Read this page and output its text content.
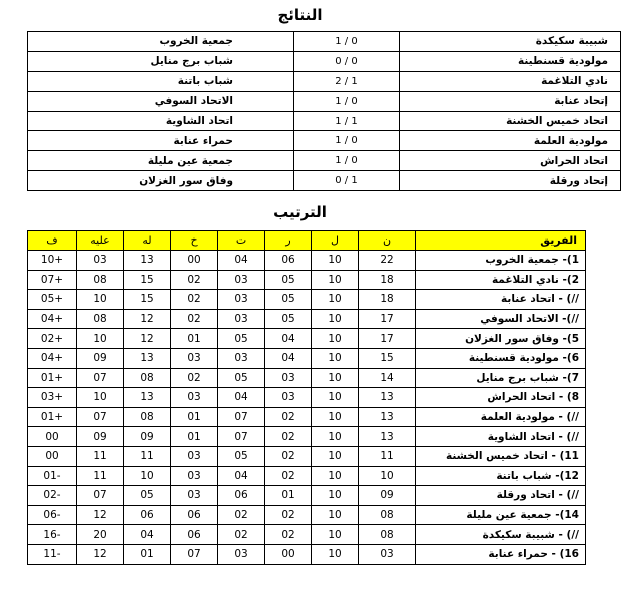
النتائج
شبيبة سكيكدة	0 / 1	جمعية الخروب
مولودية قسنطينة	0 / 0	شباب برج منايل
نادي التلاغمة	1 / 2	شباب باتنة
إتحاد عنابة	0 / 1	الاتحاد السوفي
اتحاد خميس الخشنة	1 / 1	اتحاد الشاوية
مولودية العلمة	0 / 1	حمراء عنابة
اتحاد الحراش	0 / 1	جمعية عين مليلة
إتحاد ورقلة	1 / 0	وفاق سور الغزلان
الترتيب
الفريق	ن	ل	ر	ت	خ	له	عليه	ف
1)- جمعية الخروب	22	10	06	04	00	13	03	+10
2)- نادي التلاغمة	18	10	05	03	02	15	08	+07
//) - اتحاد عنابة	18	10	05	03	02	15	10	+05
//)- الاتحاد السوفي	17	10	05	03	02	12	08	+04
5)- وفاق سور الغزلان	17	10	04	05	01	12	10	+02
6)- مولودية قسنطينة	15	10	04	03	03	13	09	+04
7)- شباب برج منايل	14	10	03	05	02	08	07	+01
8) - اتحاد الحراش	13	10	03	04	03	13	10	+03
//) - مولودية العلمة	13	10	02	07	01	08	07	+01
//) - اتحاد الشاوية	13	10	02	07	01	09	09	00
11) - اتحاد خميس الخشنة	11	10	02	05	03	11	11	00
12)- شباب باتنة	10	10	02	04	03	10	11	-01
//) - اتحاد ورقلة	09	10	01	06	03	05	07	-02
14)- جمعية عين مليلة	08	10	02	02	06	06	12	-06
//) - شبيبة سكيكدة	08	10	02	02	06	04	20	-16
16) - حمراء عنابة	03	10	00	03	07	01	12	-11
